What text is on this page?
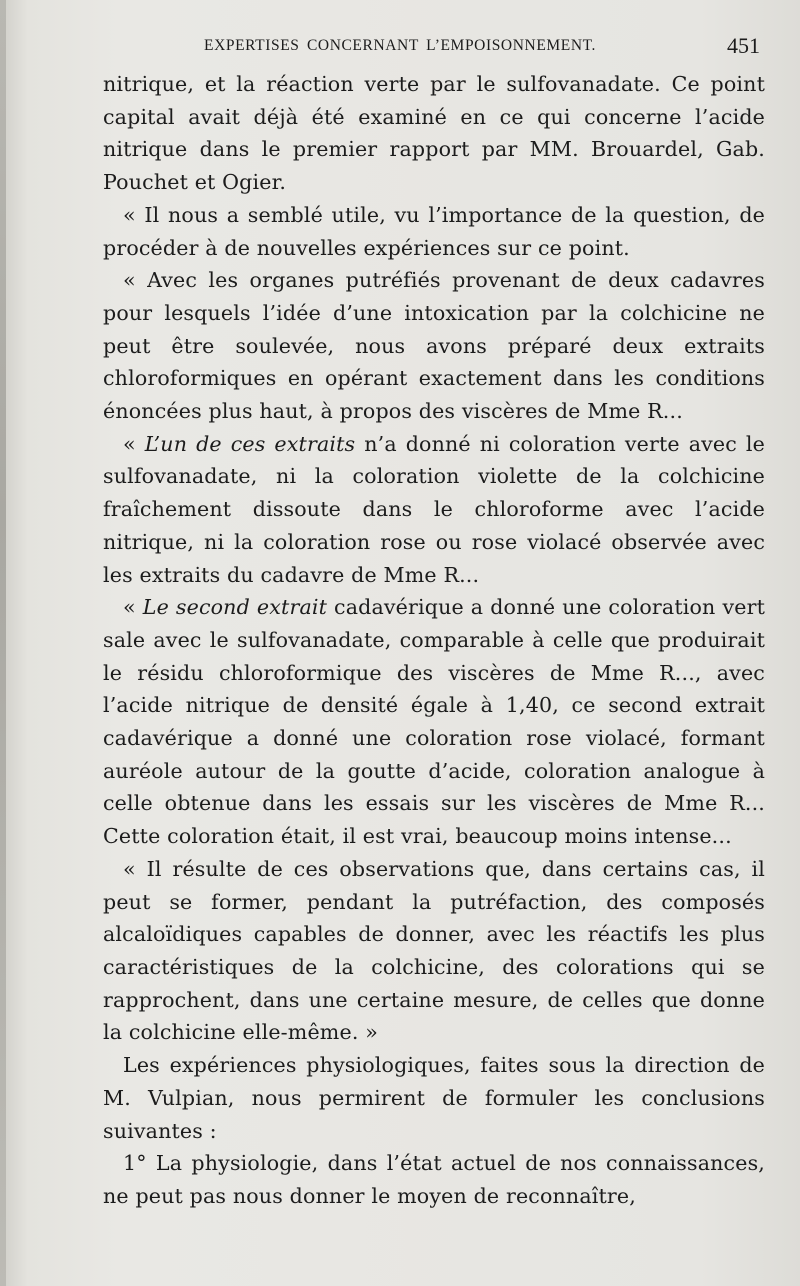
EXPERTISES CONCERNANT L’EMPOISONNEMENT.	451

nitrique, et la réaction verte par le sulfovanadate. Ce point capital avait déjà été examiné en ce qui concerne l’acide nitrique dans le premier rapport par MM. Brouardel, Gab. Pouchet et Ogier.

« Il nous a semblé utile, vu l’importance de la question, de procéder à de nouvelles expériences sur ce point.

« Avec les organes putréfiés provenant de deux cadavres pour lesquels l’idée d’une intoxication par la colchicine ne peut être soulevée, nous avons préparé deux extraits chloroformiques en opérant exactement dans les conditions énoncées plus haut, à propos des viscères de Mme R...

« L’un de ces extraits n’a donné ni coloration verte avec le sulfovanadate, ni la coloration violette de la colchicine fraîchement dissoute dans le chloroforme avec l’acide nitrique, ni la coloration rose ou rose violacé observée avec les extraits du cadavre de Mme R...

« Le second extrait cadavérique a donné une coloration vert sale avec le sulfovanadate, comparable à celle que produirait le résidu chloroformique des viscères de Mme R..., avec l’acide nitrique de densité égale à 1,40, ce second extrait cadavérique a donné une coloration rose violacé, formant auréole autour de la goutte d’acide, coloration analogue à celle obtenue dans les essais sur les viscères de Mme R... Cette coloration était, il est vrai, beaucoup moins intense...

« Il résulte de ces observations que, dans certains cas, il peut se former, pendant la putréfaction, des composés alcaloïdiques capables de donner, avec les réactifs les plus caractéristiques de la colchicine, des colorations qui se rapprochent, dans une certaine mesure, de celles que donne la colchicine elle-même. »

Les expériences physiologiques, faites sous la direction de M. Vulpian, nous permirent de formuler les conclusions suivantes :

1° La physiologie, dans l’état actuel de nos connaissances, ne peut pas nous donner le moyen de reconnaître,
